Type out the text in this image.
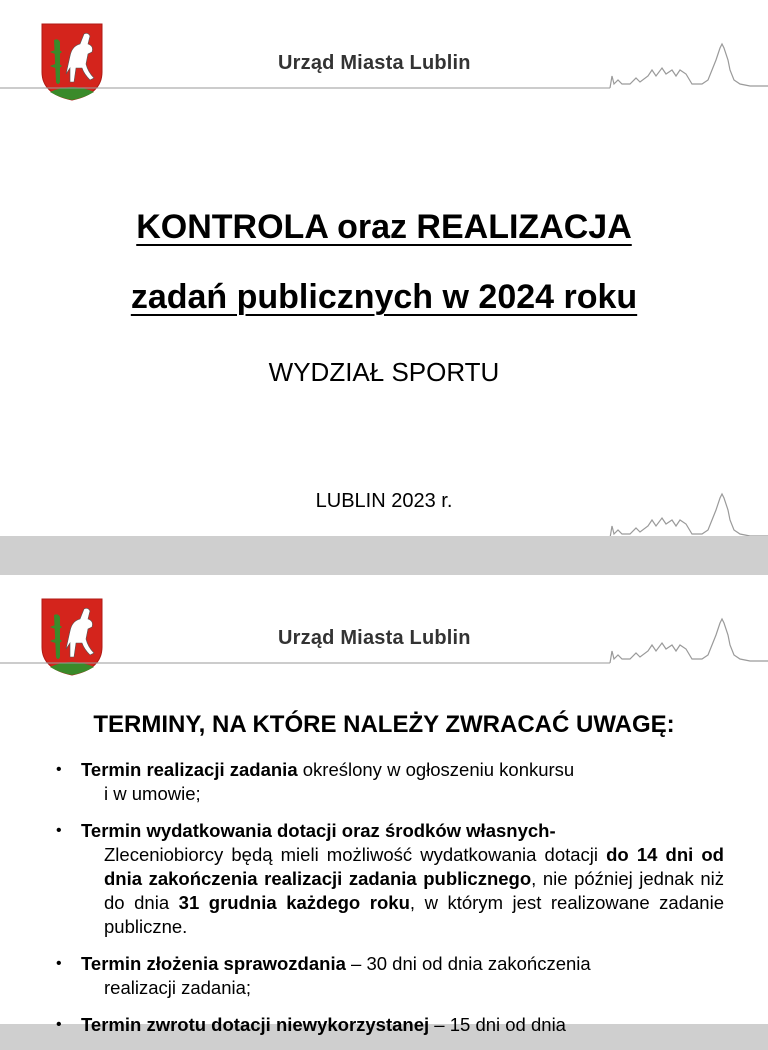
Urząd Miasta Lublin
KONTROLA oraz REALIZACJA
zadań publicznych w 2024 roku
WYDZIAŁ SPORTU
LUBLIN 2023 r.
Urząd Miasta Lublin
TERMINY, NA KTÓRE NALEŻY ZWRACAĆ UWAGĘ:
• Termin realizacji zadania określony w ogłoszeniu konkursu
i w umowie;
• Termin wydatkowania dotacji oraz środków własnych-
Zleceniobiorcy będą mieli możliwość wydatkowania dotacji do 14 dni od dnia zakończenia realizacji zadania publicznego, nie później jednak niż do dnia 31 grudnia każdego roku, w którym jest realizowane zadanie publiczne.
• Termin złożenia sprawozdania – 30 dni od dnia zakończenia
realizacji zadania;
• Termin zwrotu dotacji niewykorzystanej – 15 dni od dnia
